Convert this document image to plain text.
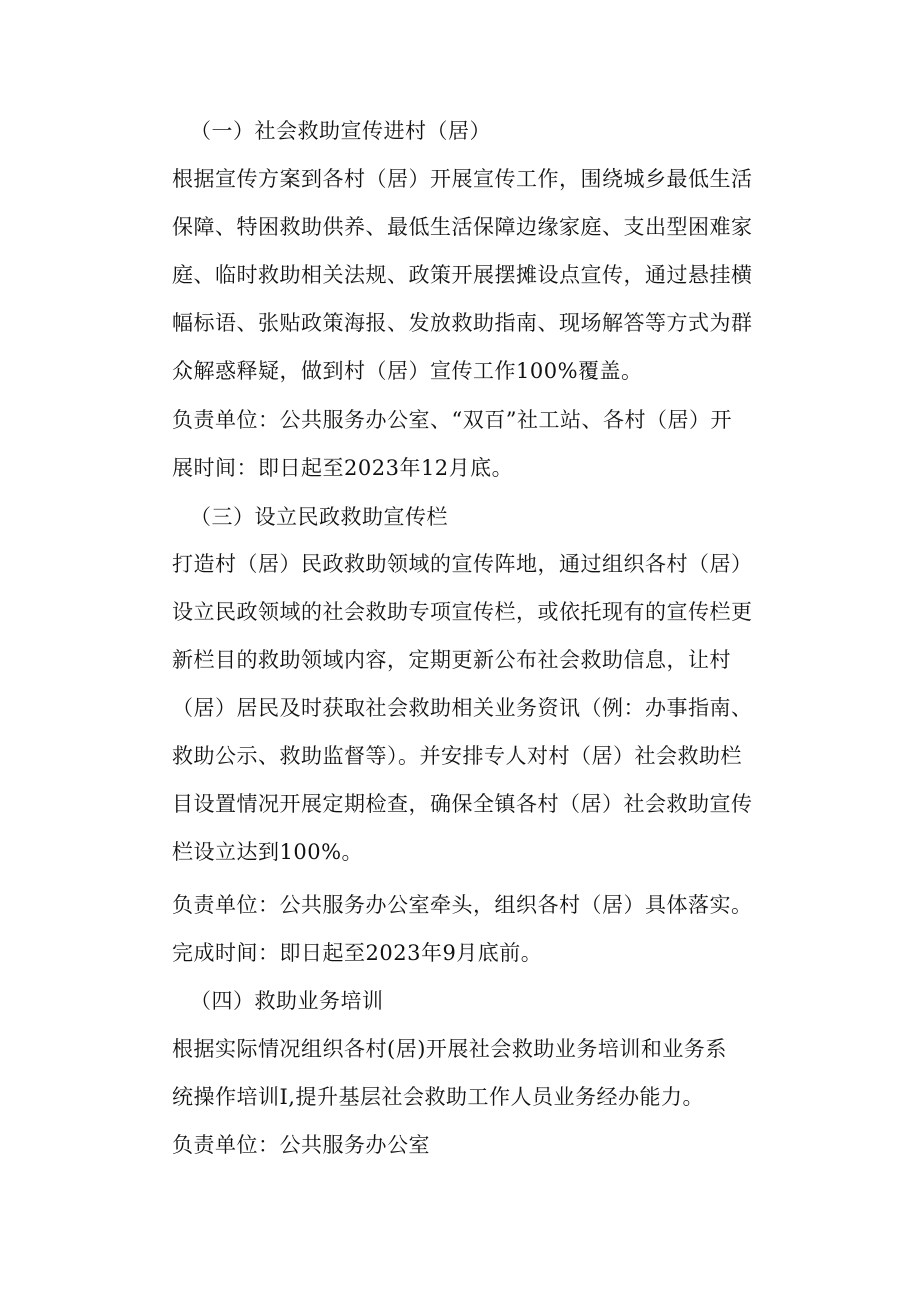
（一）社会救助宣传进村（居）
根据宣传方案到各村（居）开展宣传工作，围绕城乡最低生活
保障、特困救助供养、最低生活保障边缘家庭、支出型困难家
庭、临时救助相关法规、政策开展摆摊设点宣传，通过悬挂横
幅标语、张贴政策海报、发放救助指南、现场解答等方式为群
众解惑释疑，做到村（居）宣传工作100%覆盖。
负责单位：公共服务办公室、“双百”社工站、各村（居）开
展时间：即日起至2023年12月底。
（三）设立民政救助宣传栏
打造村（居）民政救助领域的宣传阵地，通过组织各村（居）
设立民政领域的社会救助专项宣传栏，或依托现有的宣传栏更
新栏目的救助领域内容，定期更新公布社会救助信息，让村
（居）居民及时获取社会救助相关业务资讯（例：办事指南、
救助公示、救助监督等）。并安排专人对村（居）社会救助栏
目设置情况开展定期检查，确保全镇各村（居）社会救助宣传
栏设立达到100%。
负责单位：公共服务办公室牵头，组织各村（居）具体落实。
完成时间：即日起至2023年9月底前。
（四）救助业务培训
根据实际情况组织各村(居)开展社会救助业务培训和业务系
统操作培训I,提升基层社会救助工作人员业务经办能力。
负责单位：公共服务办公室
